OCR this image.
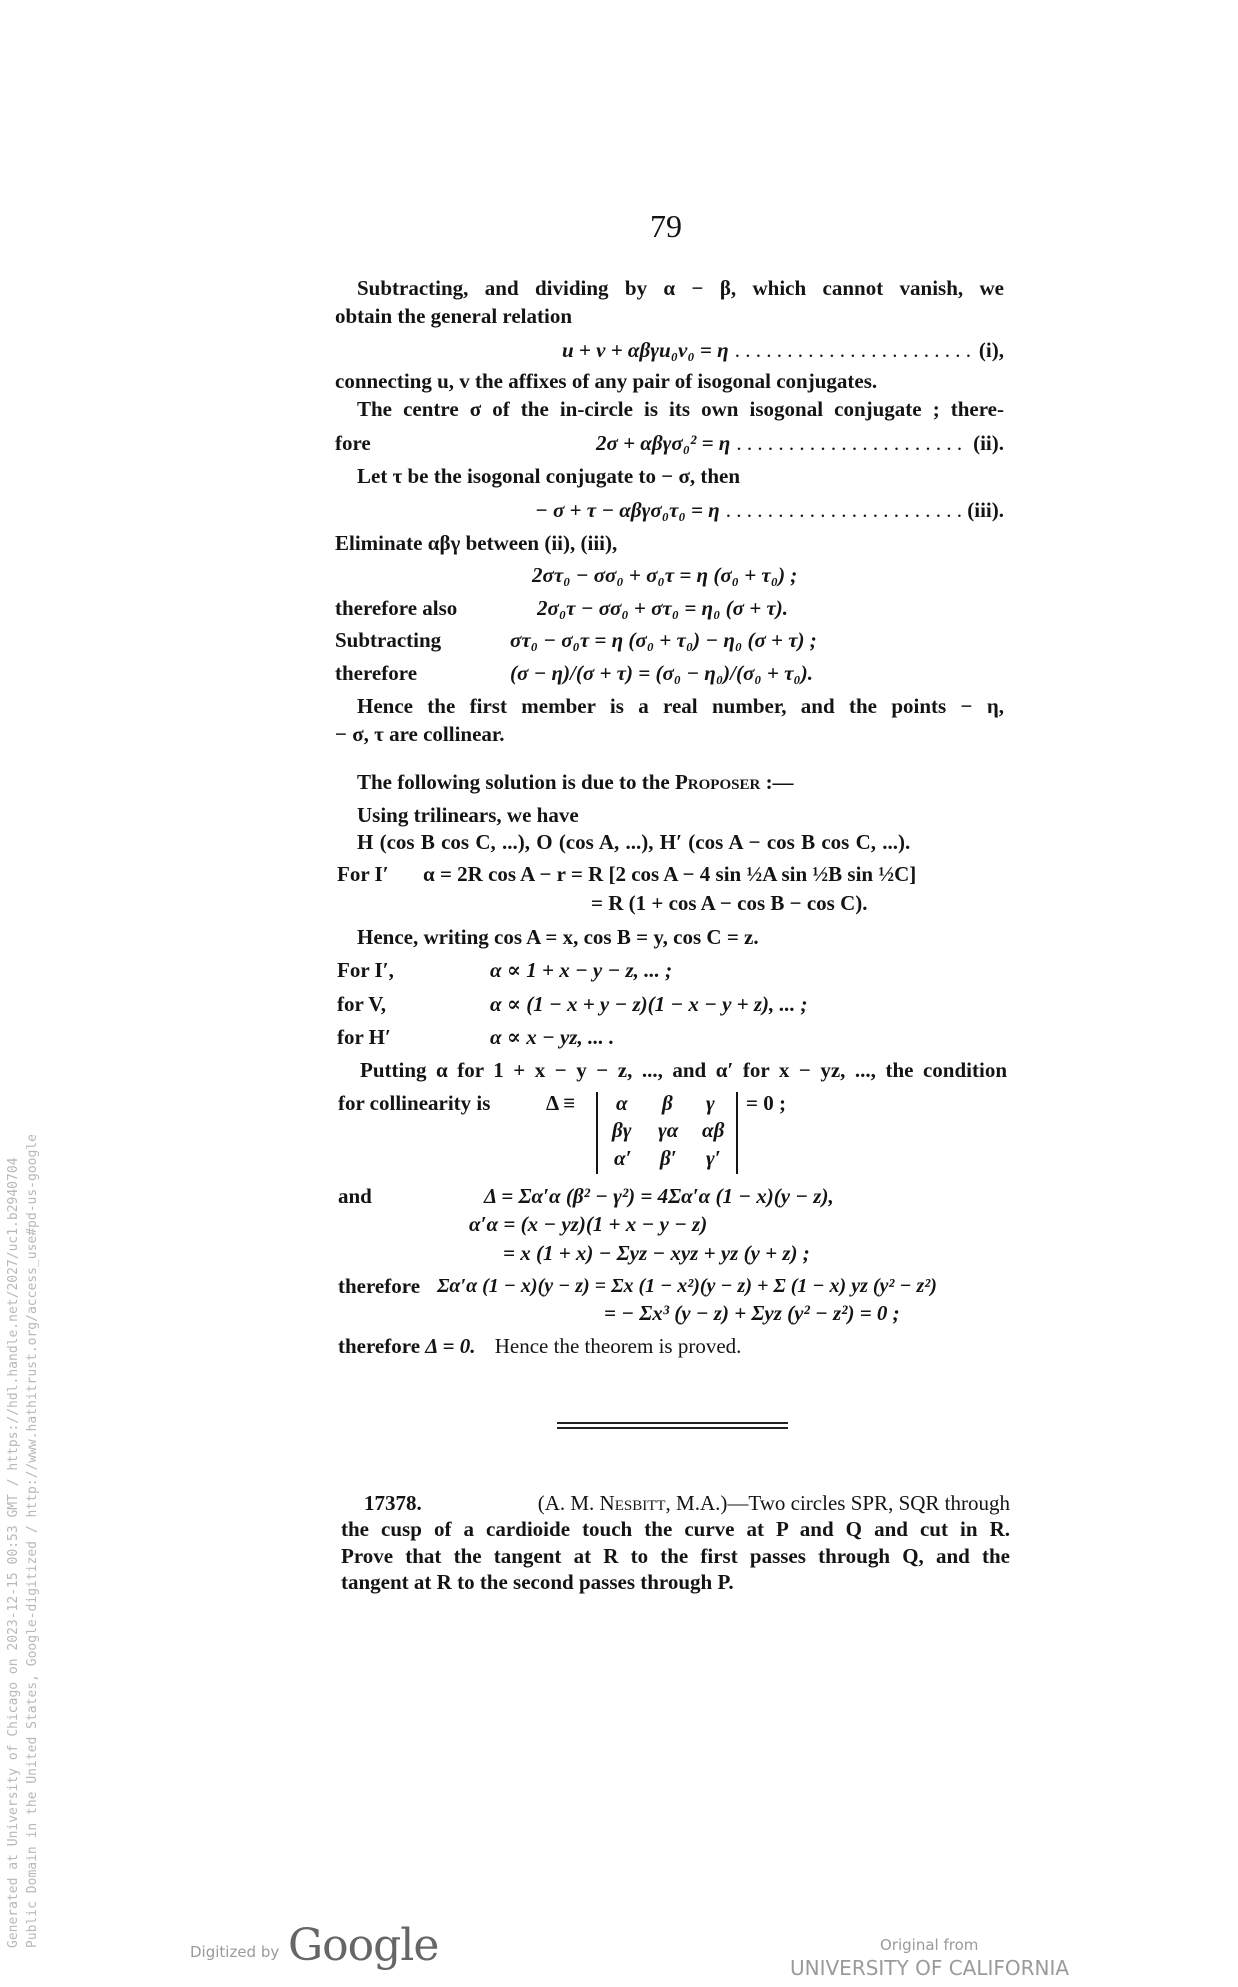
79
Subtracting, and dividing by α − β, which cannot vanish, we
obtain the general relation
u + v + αβγu₀v₀ = η . . .	(i),
connecting u, v the affixes of any pair of isogonal conjugates.
The centre σ of the in-circle is its own isogonal conjugate ; there-
fore	2σ + αβγσ₀² = η . . .	(ii).
Let τ be the isogonal conjugate to − σ, then
− σ + τ − αβγσ₀τ₀ = η . . .	(iii).
Eliminate αβγ between (ii), (iii),
2στ₀ − σσ₀ + σ₀τ = η (σ₀ + τ₀) ;
therefore also	2σ₀τ − σσ₀ + στ₀ = η₀ (σ + τ).
Subtracting	στ₀ − σ₀τ = η (σ₀ + τ₀) − η₀ (σ + τ) ;
therefore	(σ − η)/(σ + τ) = (σ₀ − η₀)/(σ₀ + τ₀).
Hence the first member is a real number, and the points − η,
− σ, τ are collinear.
The following solution is due to the Proposer :—
Using trilinears, we have
H (cos B cos C, ...), O (cos A, ...), H′ (cos A − cos B cos C, ...).
For I′ α = 2R cos A − r = R [2 cos A − 4 sin ½A sin ½B sin ½C]
= R (1 + cos A − cos B − cos C).
Hence, writing cos A = x, cos B = y, cos C = z.
For I′,	α ∝ 1 + x − y − z, ... ;
for V,	α ∝ (1 − x + y − z)(1 − x − y + z), ... ;
for H′	α ∝ x − yz, ... .
Putting α for 1 + x − y − z, ..., and α′ for x − yz, ..., the condition
for collinearity is	Δ ≡ α β γ
βγ γα αβ
α′ β′ γ′
= 0 ;
and	Δ = Σα′α (β² − γ²) = 4Σα′α (1 − x)(y − z),
α′α = (x − yz)(1 + x − y − z)
= x (1 + x) − Σyz − xyz + yz (y + z) ;
therefore Σα′α (1 − x)(y − z) = Σx (1 − x²)(y − z) + Σ (1 − x) yz (y² − z²)
= − Σx³ (y − z) + Σyz (y² − z²) = 0 ;
therefore Δ = 0. Hence the theorem is proved.
17378.	(A. M. Nesbitt, M.A.)—Two circles SPR, SQR through
the cusp of a cardioide touch the curve at P and Q and cut in R.
Prove that the tangent at R to the first passes through Q, and the
tangent at R to the second passes through P.
Generated at University of Chicago on 2023-12-15 00:53 GMT / https://hdl.handle.net/2027/uc1.b2940704 Public Domain in the United States, Google-digitized / http://www.hathitrust.org/access_use#pd-us-google
Digitized by Google	Original from
UNIVERSITY OF CALIFORNIA
